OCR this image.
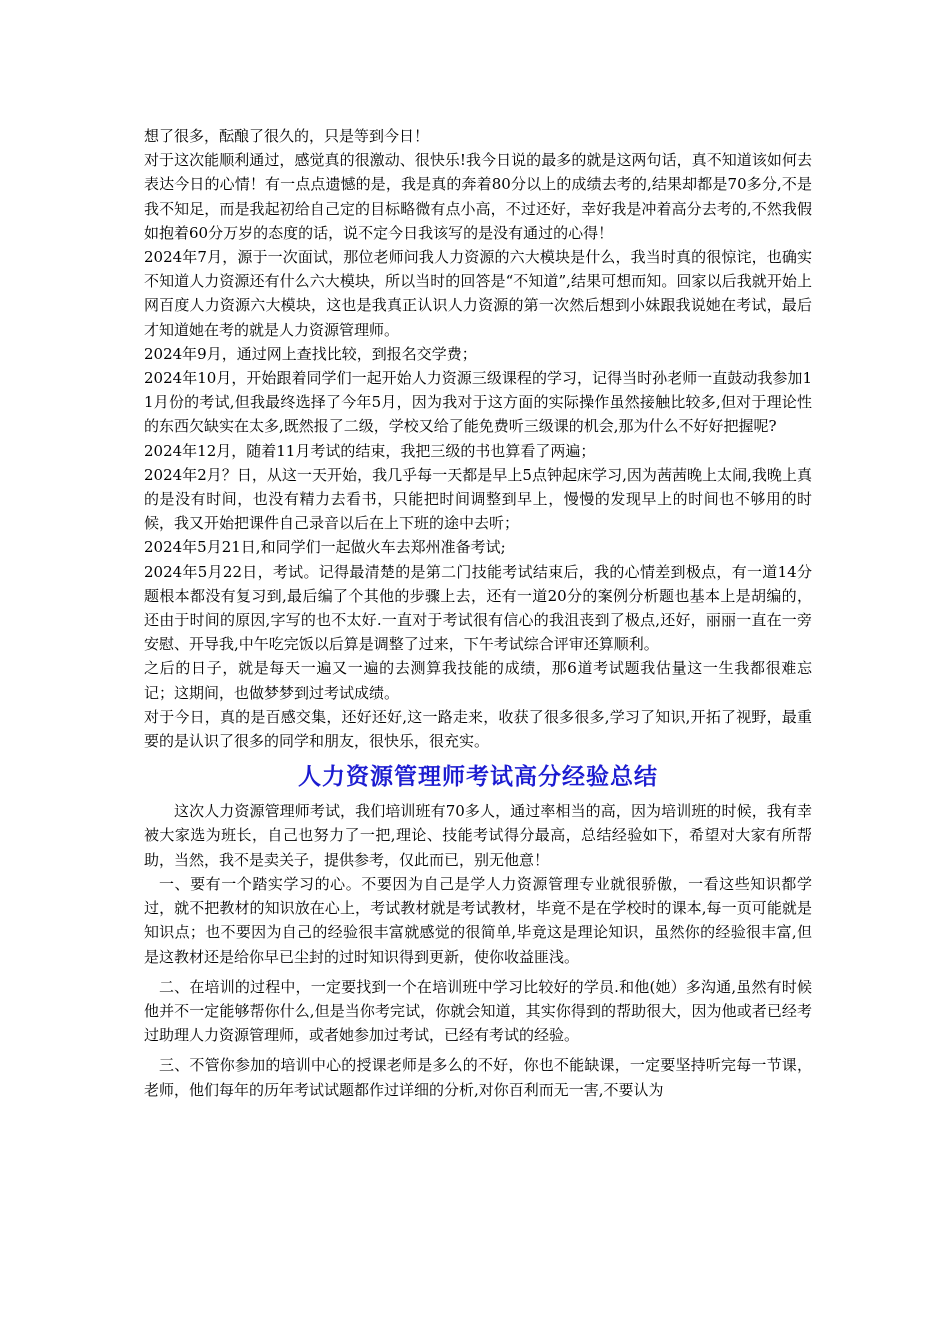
想了很多，酝酿了很久的，只是等到今日！

对于这次能顺利通过，感觉真的很激动、很快乐!我今日说的最多的就是这两句话，真不知道该如何去表达今日的心情！有一点点遗憾的是，我是真的奔着80分以上的成绩去考的,结果却都是70多分,不是我不知足，而是我起初给自己定的目标略微有点小高，不过还好，幸好我是冲着高分去考的,不然我假如抱着60分万岁的态度的话，说不定今日我该写的是没有通过的心得！

2024年7月，源于一次面试，那位老师问我人力资源的六大模块是什么，我当时真的很惊诧，也确实不知道人力资源还有什么六大模块，所以当时的回答是“不知道”,结果可想而知。回家以后我就开始上网百度人力资源六大模块，这也是我真正认识人力资源的第一次然后想到小妹跟我说她在考试，最后才知道她在考的就是人力资源管理师。

2024年9月，通过网上查找比较，到报名交学费；

2024年10月，开始跟着同学们一起开始人力资源三级课程的学习，记得当时孙老师一直鼓动我参加11月份的考试,但我最终选择了今年5月，因为我对于这方面的实际操作虽然接触比较多,但对于理论性的东西欠缺实在太多,既然报了二级，学校又给了能免费听三级课的机会,那为什么不好好把握呢?

2024年12月，随着11月考试的结束，我把三级的书也算看了两遍；

2024年2月？日，从这一天开始，我几乎每一天都是早上5点钟起床学习,因为茜茜晚上太闹,我晚上真的是没有时间，也没有精力去看书，只能把时间调整到早上，慢慢的发现早上的时间也不够用的时候，我又开始把课件自己录音以后在上下班的途中去听；

2024年5月21日,和同学们一起做火车去郑州准备考试;

2024年5月22日，考试。记得最清楚的是第二门技能考试结束后，我的心情差到极点，有一道14分题根本都没有复习到,最后编了个其他的步骤上去，还有一道20分的案例分析题也基本上是胡编的，还由于时间的原因,字写的也不太好.一直对于考试很有信心的我沮丧到了极点,还好，丽丽一直在一旁安慰、开导我,中午吃完饭以后算是调整了过来，下午考试综合评审还算顺利。

之后的日子，就是每天一遍又一遍的去测算我技能的成绩，那6道考试题我估量这一生我都很难忘记；这期间，也做梦梦到过考试成绩。

对于今日，真的是百感交集，还好还好,这一路走来，收获了很多很多,学习了知识,开拓了视野，最重要的是认识了很多的同学和朋友，很快乐，很充实。

人力资源管理师考试高分经验总结

这次人力资源管理师考试，我们培训班有70多人，通过率相当的高，因为培训班的时候，我有幸被大家选为班长，自己也努力了一把,理论、技能考试得分最高，总结经验如下，希望对大家有所帮助，当然，我不是卖关子，提供参考，仅此而已，别无他意！

一、要有一个踏实学习的心。不要因为自己是学人力资源管理专业就很骄傲，一看这些知识都学过，就不把教材的知识放在心上，考试教材就是考试教材，毕竟不是在学校时的课本,每一页可能就是知识点；也不要因为自己的经验很丰富就感觉的很简单,毕竟这是理论知识，虽然你的经验很丰富,但是这教材还是给你早已尘封的过时知识得到更新，使你收益匪浅。

二、在培训的过程中，一定要找到一个在培训班中学习比较好的学员.和他(她）多沟通,虽然有时候他并不一定能够帮你什么,但是当你考完试，你就会知道，其实你得到的帮助很大，因为他或者已经考过助理人力资源管理师，或者她参加过考试，已经有考试的经验。

三、不管你参加的培训中心的授课老师是多么的不好，你也不能缺课，一定要坚持听完每一节课，老师，他们每年的历年考试试题都作过详细的分析,对你百利而无一害,不要认为
